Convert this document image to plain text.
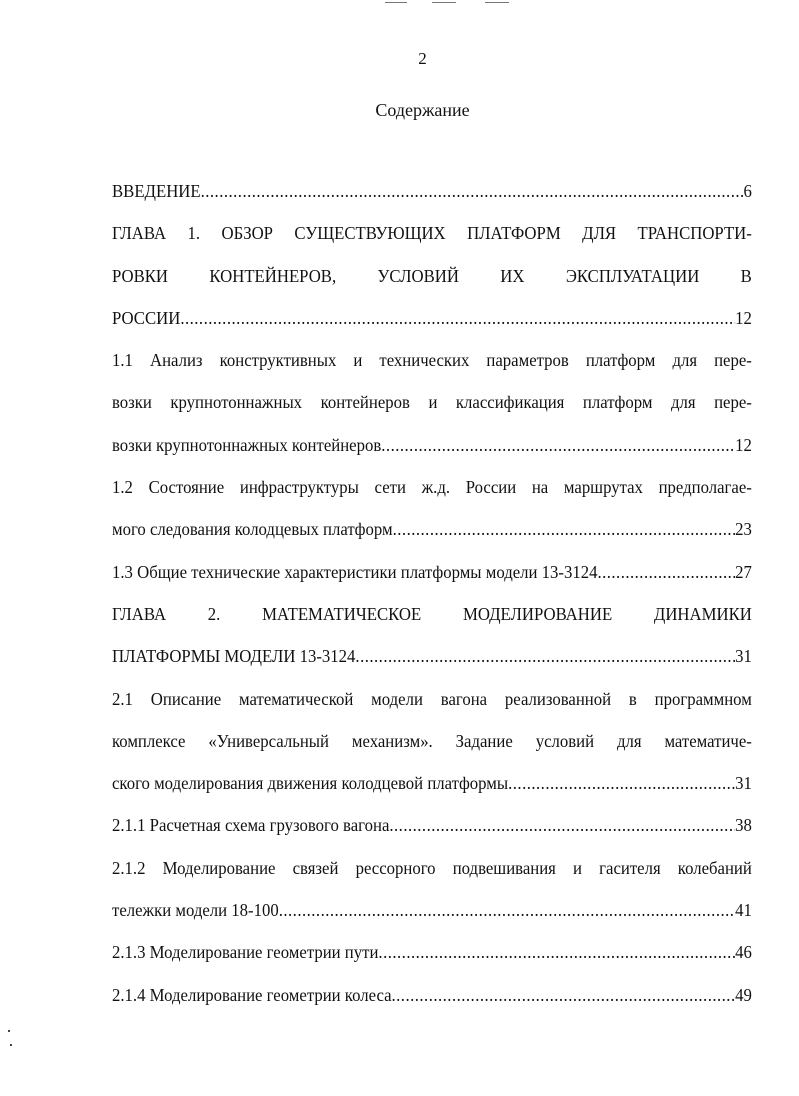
2
Содержание
ВВЕДЕНИЕ .....	6
ГЛАВА 1. ОБЗОР СУЩЕСТВУЮЩИХ ПЛАТФОРМ ДЛЯ ТРАНСПОРТИ-
РОВКИ КОНТЕЙНЕРОВ, УСЛОВИЙ ИХ ЭКСПЛУАТАЦИИ В
РОССИИ .....	12
1.1 Анализ конструктивных и технических параметров платформ для пере-
возки крупнотоннажных контейнеров и классификация платформ для пере-
возки крупнотоннажных контейнеров .....	12
1.2 Состояние инфраструктуры сети ж.д. России на маршрутах предполагае-
мого следования колодцевых платформ .....	23
1.3 Общие технические характеристики платформы модели 13-3124 .....	27
ГЛАВА 2. МАТЕМАТИЧЕСКОЕ МОДЕЛИРОВАНИЕ ДИНАМИКИ
ПЛАТФОРМЫ МОДЕЛИ 13-3124 .....	31
2.1 Описание математической модели вагона реализованной в программном
комплексе «Универсальный механизм». Задание условий для математиче-
ского моделирования движения колодцевой платформы .....	31
2.1.1 Расчетная схема грузового вагона .....	38
2.1.2 Моделирование связей рессорного подвешивания и гасителя колебаний
тележки модели 18-100 .....	41
2.1.3 Моделирование геометрии пути .....	46
2.1.4 Моделирование геометрии колеса .....	49
